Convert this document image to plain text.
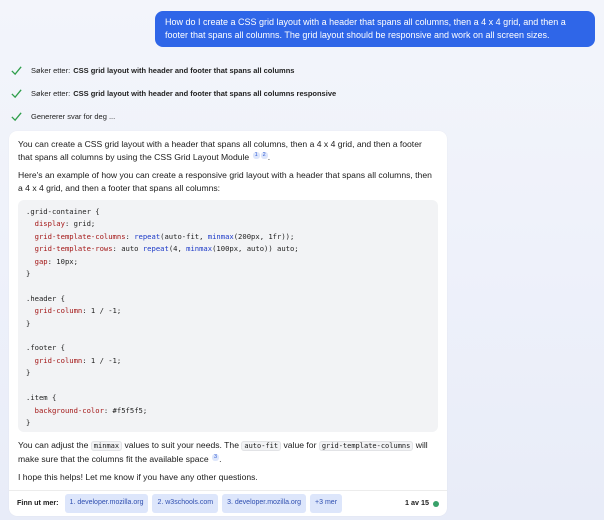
How do I create a CSS grid layout with a header that spans all columns, then a 4 x 4 grid, and then a footer that spans all columns. The grid layout should be responsive and work on all screen sizes.
Søker etter: CSS grid layout with header and footer that spans all columns
Søker etter: CSS grid layout with header and footer that spans all columns responsive
Genererer svar for deg ...

You can create a CSS grid layout with a header that spans all columns, then a 4 x 4 grid, and then a footer that spans all columns by using the CSS Grid Layout Module 1 2 .

Here's an example of how you can create a responsive grid layout with a header that spans all columns, then a 4 x 4 grid, and then a footer that spans all columns:

.grid-container {
display: grid;
grid-template-columns: repeat(auto-fit, minmax(200px, 1fr));
grid-template-rows: auto repeat(4, minmax(100px, auto)) auto;
gap: 10px;
}

.header {
grid-column: 1 / -1;
}

.footer {
grid-column: 1 / -1;
}

.item {
background-color: #f5f5f5;
}

You can adjust the minmax values to suit your needs. The auto-fit value for grid-template-columns will make sure that the columns fit the available space 3 .

I hope this helps! Let me know if you have any other questions.

Finn ut mer:	1. developer.mozilla.org	2. w3schools.com	3. developer.mozilla.org	+3 mer	1 av 15
